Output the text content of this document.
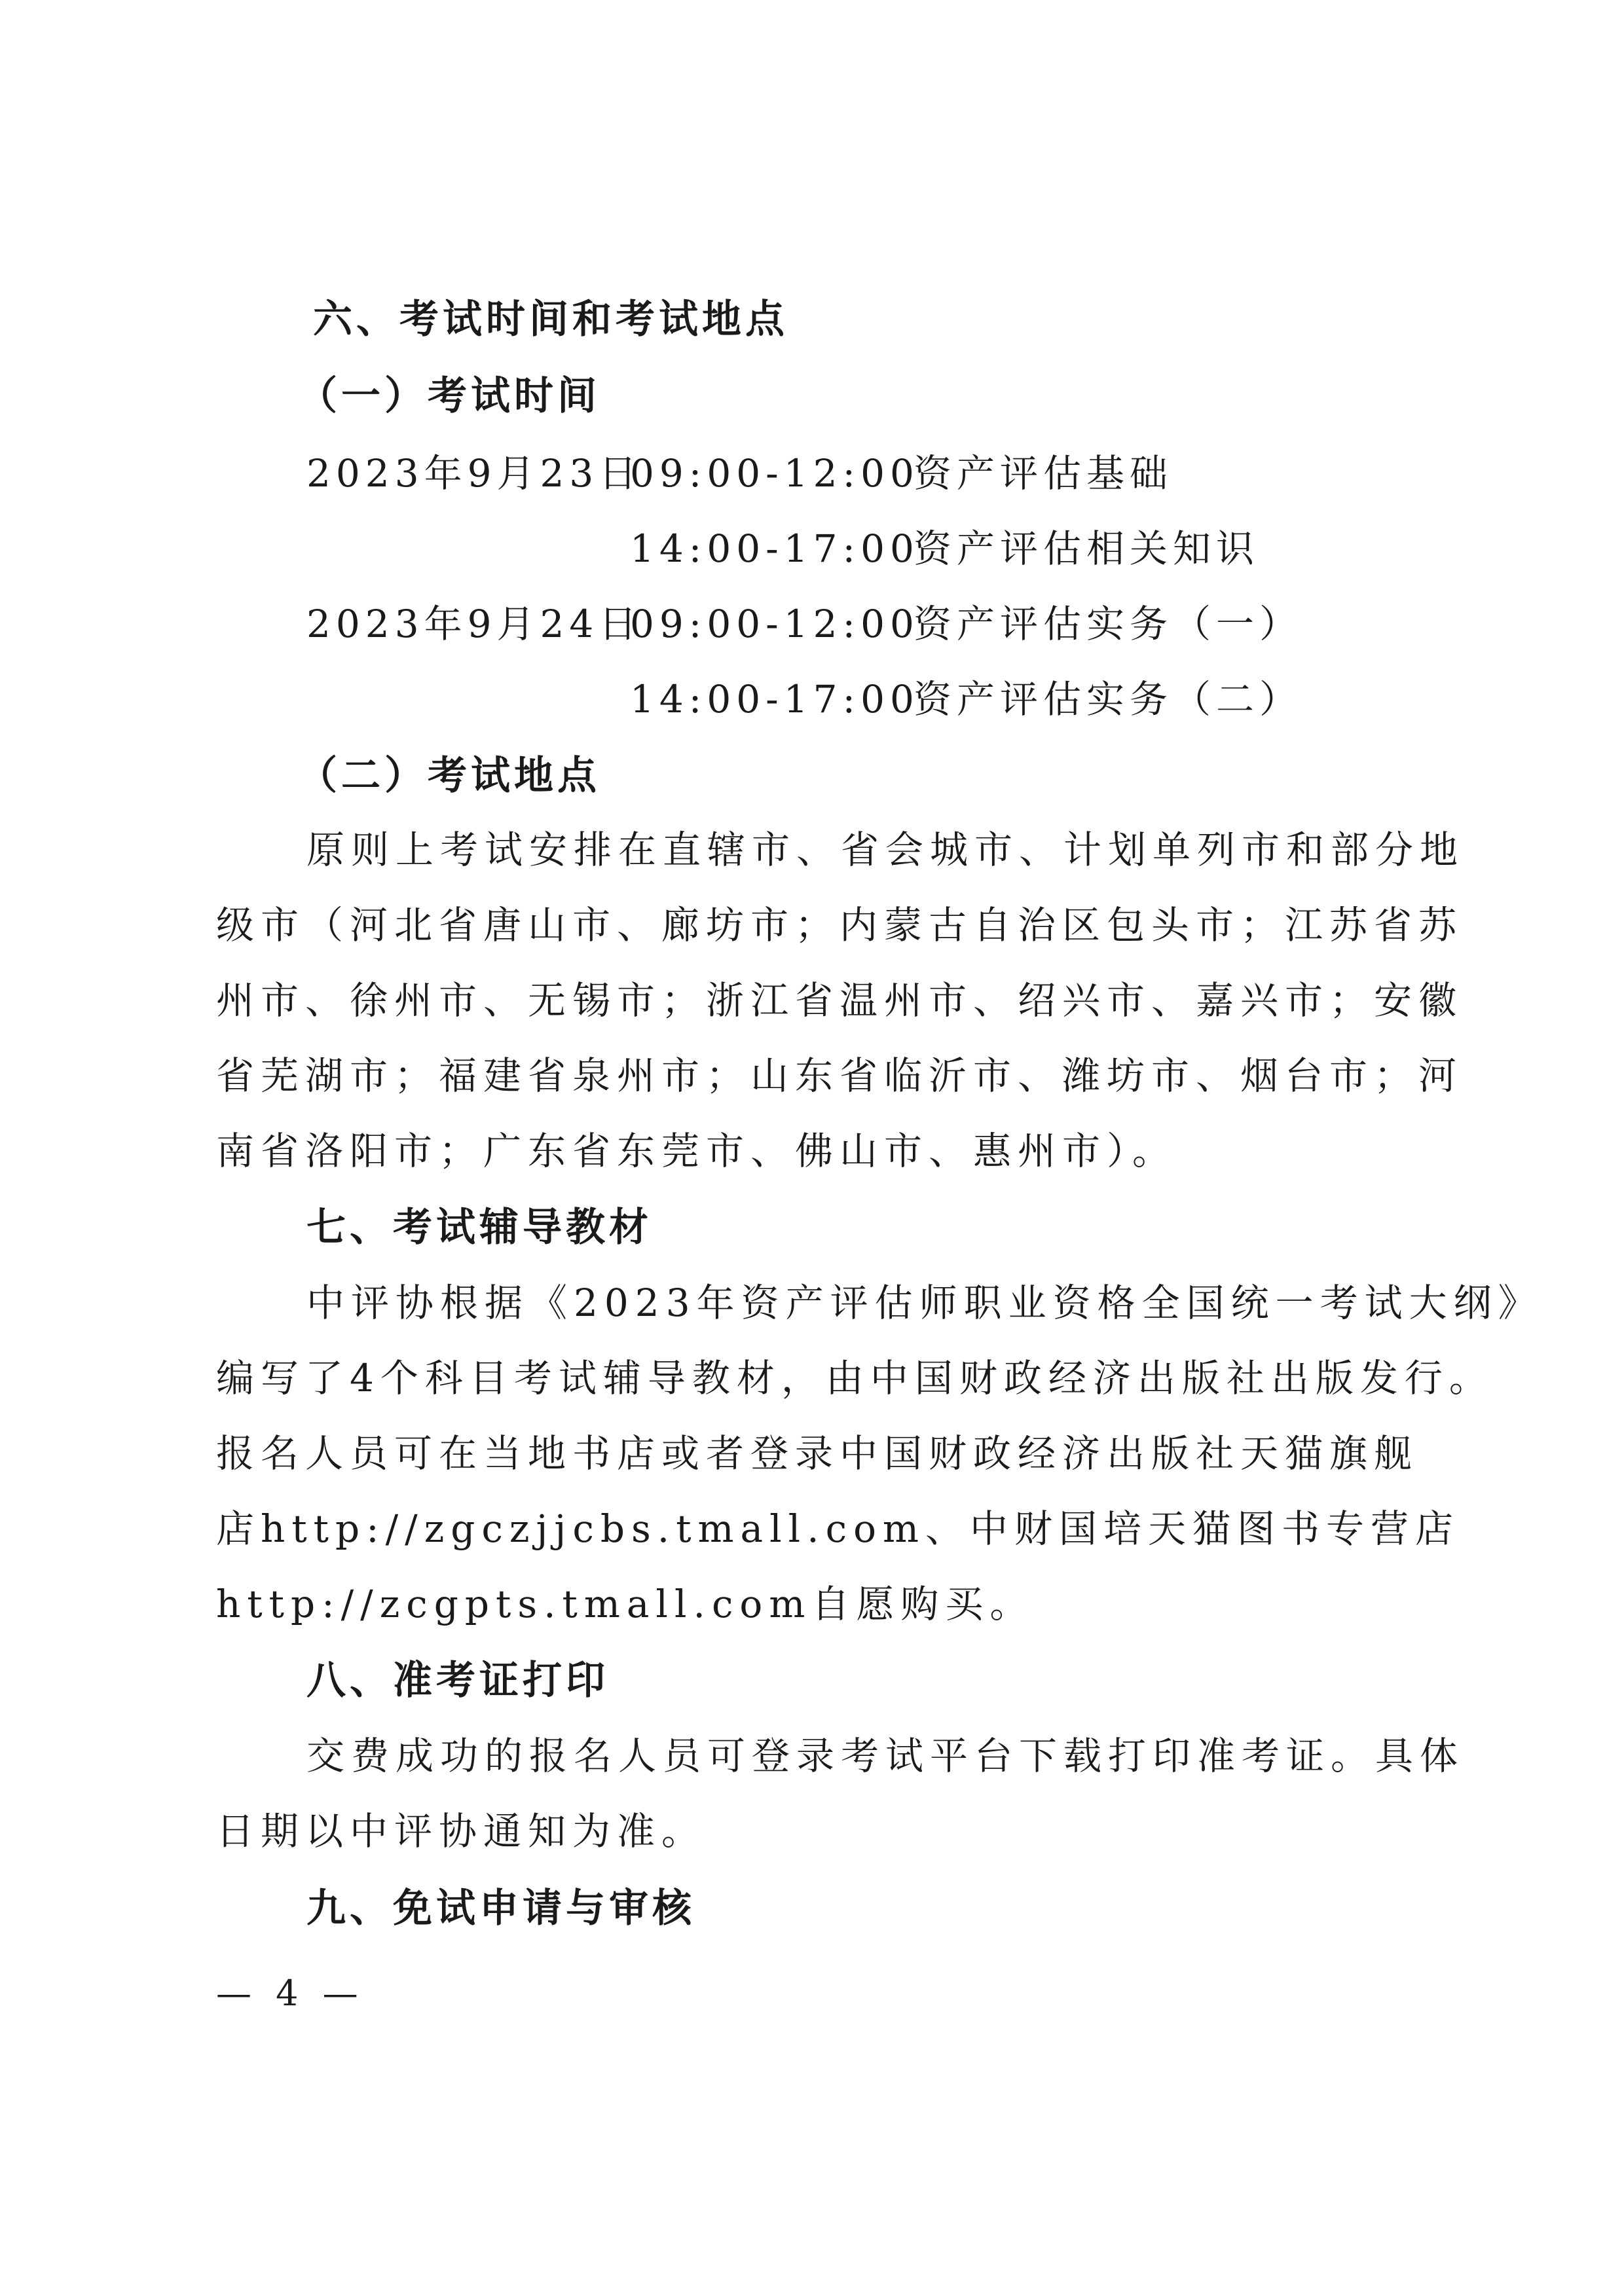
六、考试时间和考试地点
（一）考试时间
2023年9月23日
09:00-12:00
资产评估基础
14:00-17:00
资产评估相关知识
2023年9月24日
09:00-12:00
资产评估实务（一）
14:00-17:00
资产评估实务（二）
（二）考试地点
原则上考试安排在直辖市、省会城市、计划单列市和部分地
级市（河北省唐山市、廊坊市；内蒙古自治区包头市；江苏省苏
州市、徐州市、无锡市；浙江省温州市、绍兴市、嘉兴市；安徽
省芜湖市；福建省泉州市；山东省临沂市、潍坊市、烟台市；河
南省洛阳市；广东省东莞市、佛山市、惠州市）。
七、考试辅导教材
中评协根据《2023年资产评估师职业资格全国统一考试大纲》
编写了4个科目考试辅导教材，由中国财政经济出版社出版发行。
报名人员可在当地书店或者登录中国财政经济出版社天猫旗舰
店http://zgczjjcbs.tmall.com、中财国培天猫图书专营店
http://zcgpts.tmall.com自愿购买。
八、准考证打印
交费成功的报名人员可登录考试平台下载打印准考证。具体
日期以中评协通知为准。
九、免试申请与审核
— 4 —
